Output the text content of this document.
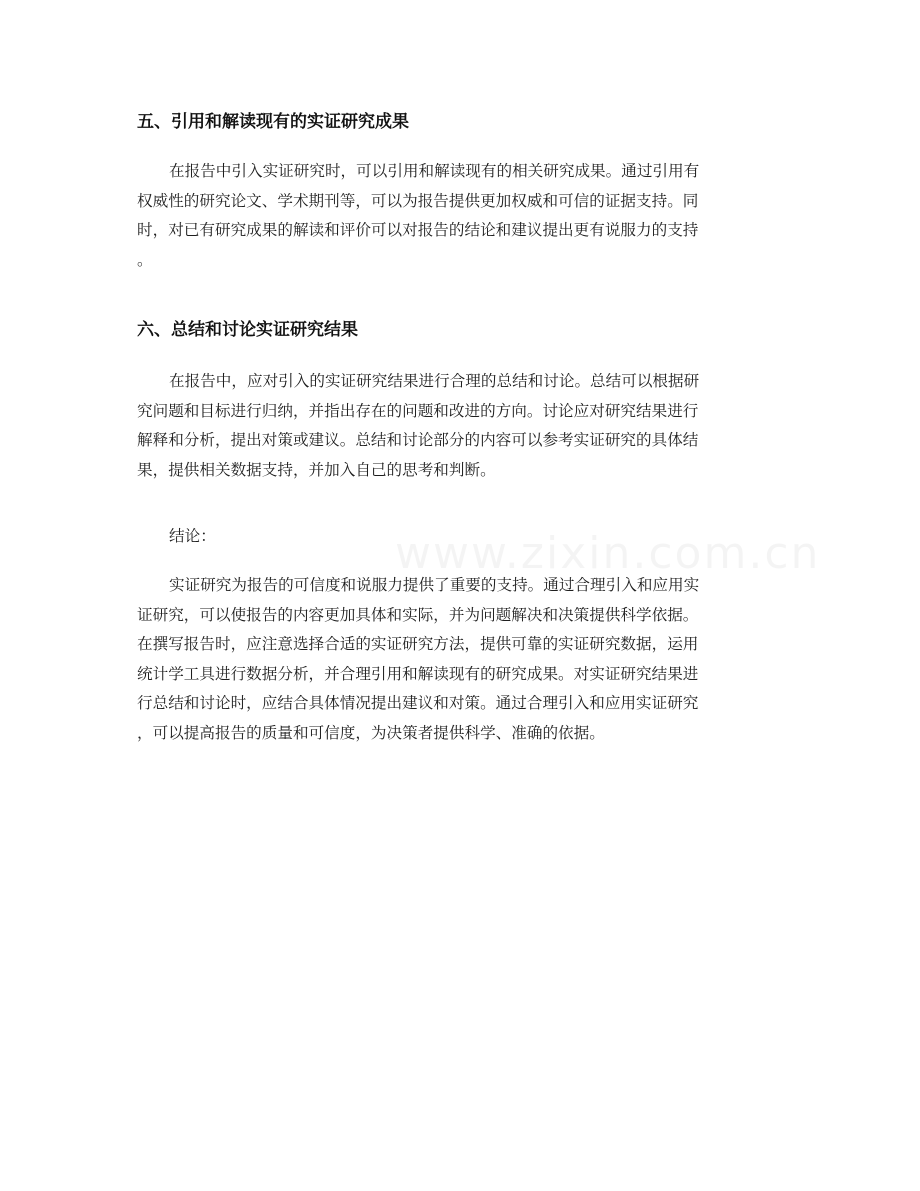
五、引用和解读现有的实证研究成果
在报告中引入实证研究时，可以引用和解读现有的相关研究成果。通过引用有
权威性的研究论文、学术期刊等，可以为报告提供更加权威和可信的证据支持。同
时，对已有研究成果的解读和评价可以对报告的结论和建议提出更有说服力的支持
。
六、总结和讨论实证研究结果
在报告中，应对引入的实证研究结果进行合理的总结和讨论。总结可以根据研
究问题和目标进行归纳，并指出存在的问题和改进的方向。讨论应对研究结果进行
解释和分析，提出对策或建议。总结和讨论部分的内容可以参考实证研究的具体结
果，提供相关数据支持，并加入自己的思考和判断。
结论：
实证研究为报告的可信度和说服力提供了重要的支持。通过合理引入和应用实
证研究，可以使报告的内容更加具体和实际，并为问题解决和决策提供科学依据。
在撰写报告时，应注意选择合适的实证研究方法，提供可靠的实证研究数据，运用
统计学工具进行数据分析，并合理引用和解读现有的研究成果。对实证研究结果进
行总结和讨论时，应结合具体情况提出建议和对策。通过合理引入和应用实证研究
，可以提高报告的质量和可信度，为决策者提供科学、准确的依据。
